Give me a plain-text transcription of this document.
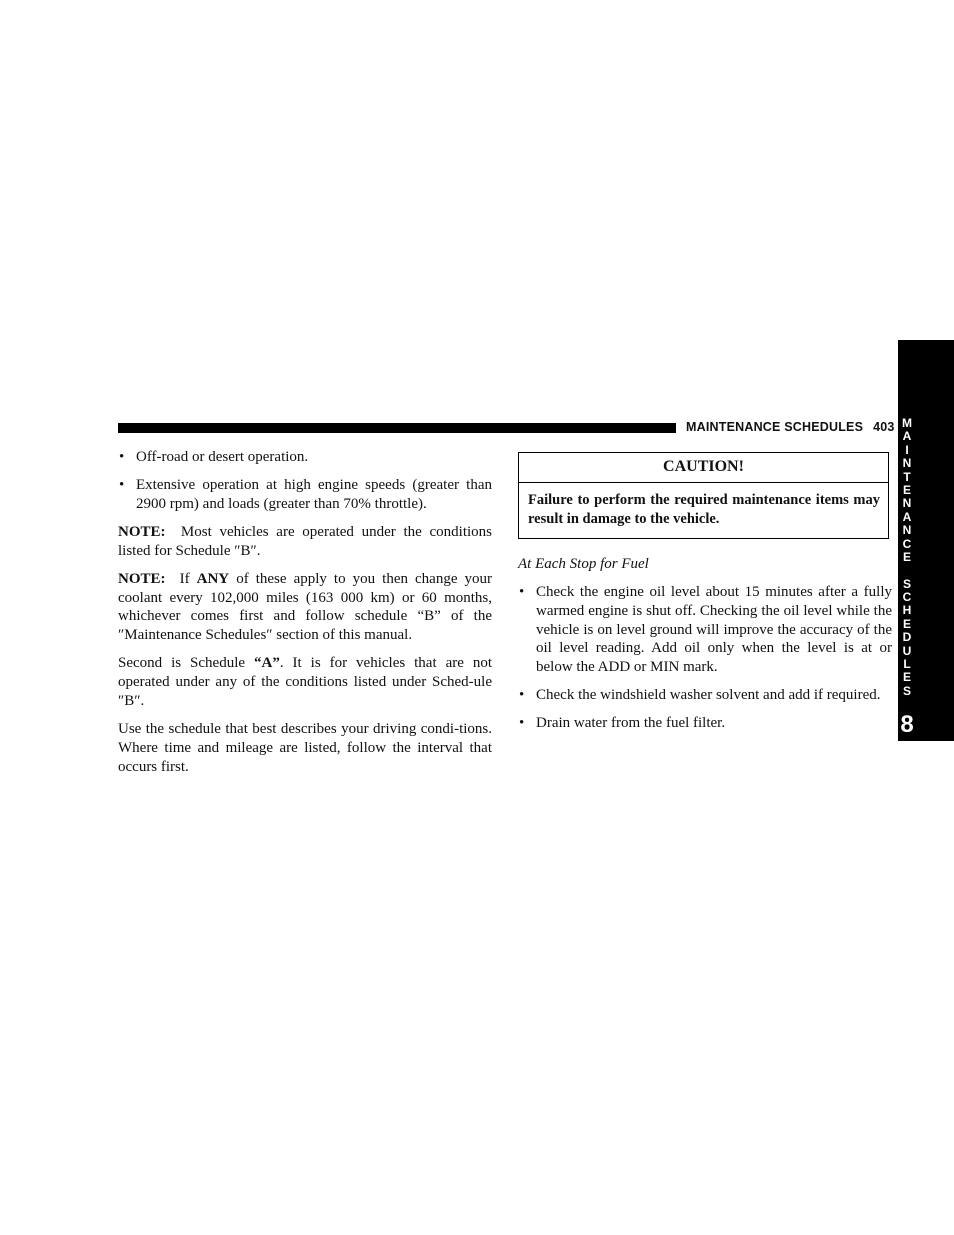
MAINTENANCE SCHEDULES 403 M
A
I
N
T
E
N
A
N
C
E

S
C
H
E
D
U
L
E
S
8
• Off-road or desert operation.
• Extensive operation at high engine speeds (greater than 2900 rpm) and loads (greater than 70% throttle).

NOTE: Most vehicles are operated under the conditions listed for Schedule ″B″.

NOTE: If ANY of these apply to you then change your coolant every 102,000 miles (163 000 km) or 60 months, whichever comes first and follow schedule “B” of the ″Maintenance Schedules″ section of this manual.

Second is Schedule “A”. It is for vehicles that are not operated under any of the conditions listed under Sched-ule ″B″.

Use the schedule that best describes your driving condi-tions. Where time and mileage are listed, follow the interval that occurs first.

CAUTION!
Failure to perform the required maintenance items may result in damage to the vehicle.

At Each Stop for Fuel

• Check the engine oil level about 15 minutes after a fully warmed engine is shut off. Checking the oil level while the vehicle is on level ground will improve the accuracy of the oil level reading. Add oil only when the level is at or below the ADD or MIN mark.
• Check the windshield washer solvent and add if required.
• Drain water from the fuel filter.
